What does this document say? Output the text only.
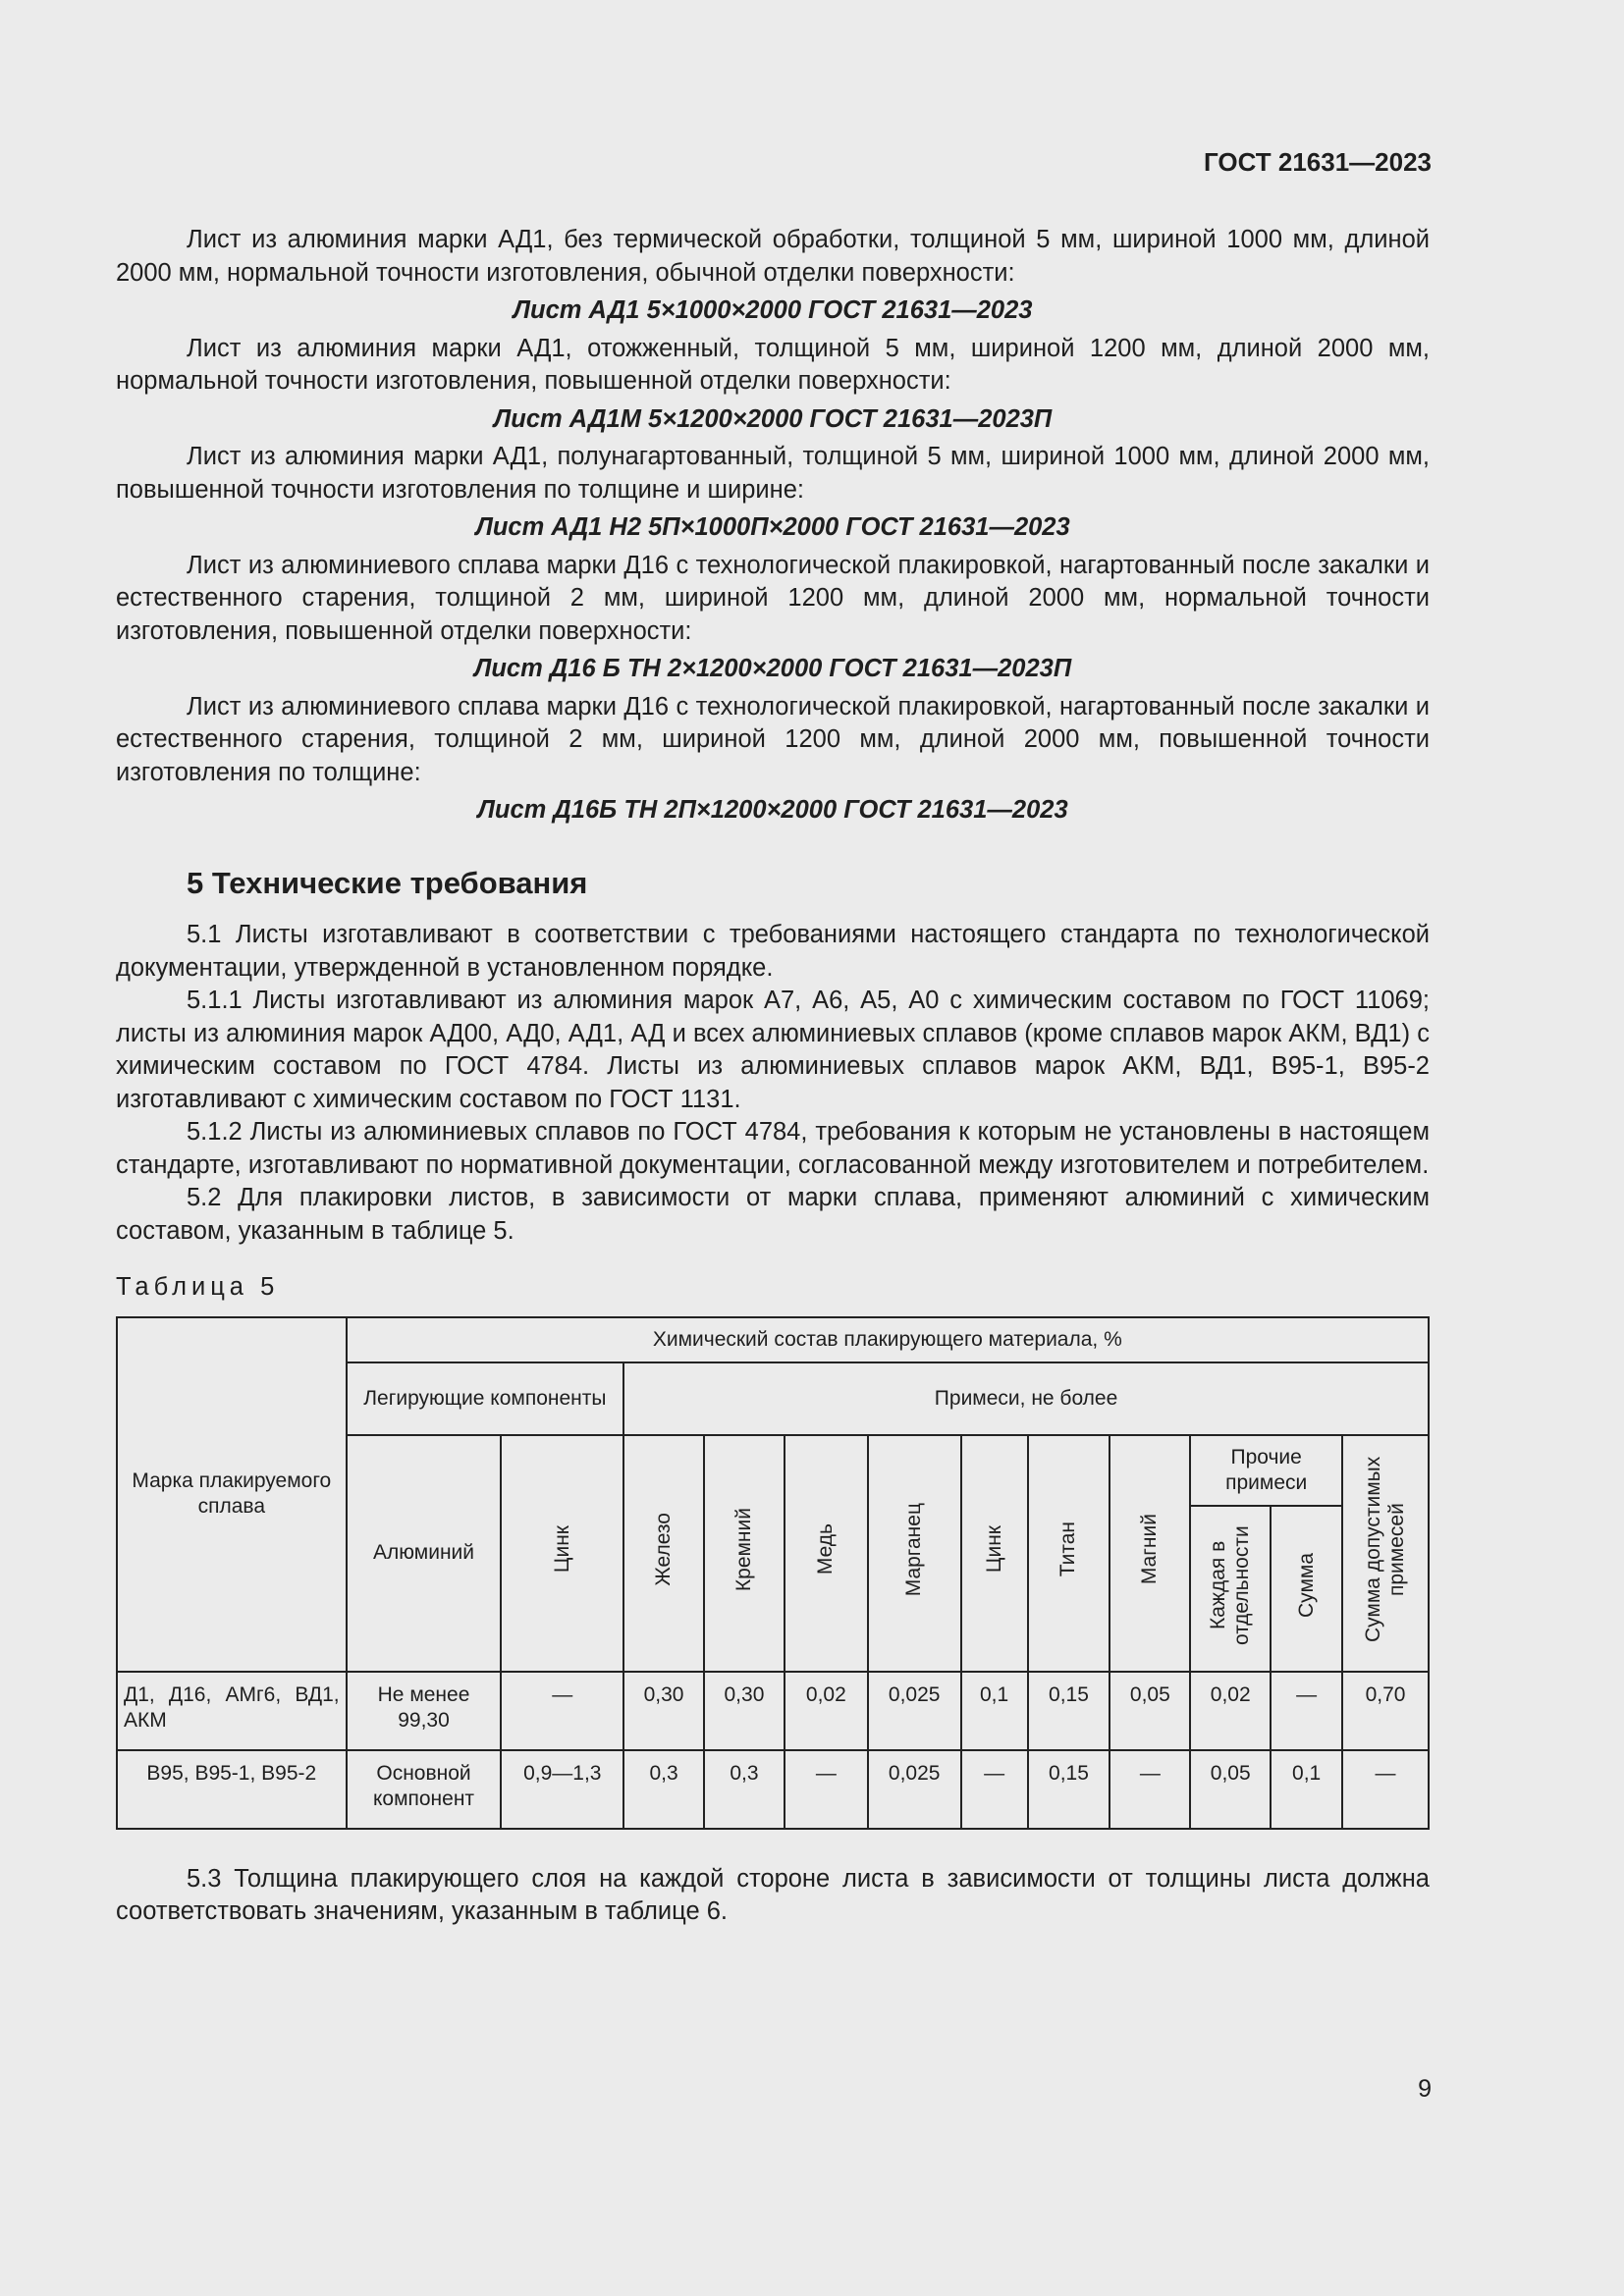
ГОСТ 21631—2023

Лист из алюминия марки АД1, без термической обработки, толщиной 5 мм, шириной 1000 мм, длиной 2000 мм, нормальной точности изготовления, обычной отделки поверхности:

Лист АД1 5×1000×2000 ГОСТ 21631—2023

Лист из алюминия марки АД1, отожженный, толщиной 5 мм, шириной 1200 мм, длиной 2000 мм, нормальной точности изготовления, повышенной отделки поверхности:

Лист АД1М 5×1200×2000 ГОСТ 21631—2023П

Лист из алюминия марки АД1, полунагартованный, толщиной 5 мм, шириной 1000 мм, длиной 2000 мм, повышенной точности изготовления по толщине и ширине:

Лист АД1 Н2 5П×1000П×2000 ГОСТ 21631—2023

Лист из алюминиевого сплава марки Д16 с технологической плакировкой, нагартованный после закалки и естественного старения, толщиной 2 мм, шириной 1200 мм, длиной 2000 мм, нормальной точности изготовления, повышенной отделки поверхности:

Лист Д16 Б ТН 2×1200×2000 ГОСТ 21631—2023П

Лист из алюминиевого сплава марки Д16 с технологической плакировкой, нагартованный после закалки и естественного старения, толщиной 2 мм, шириной 1200 мм, длиной 2000 мм, повышенной точности изготовления по толщине:

Лист Д16Б ТН 2П×1200×2000 ГОСТ 21631—2023

5 Технические требования

5.1 Листы изготавливают в соответствии с требованиями настоящего стандарта по технологической документации, утвержденной в установленном порядке.

5.1.1 Листы изготавливают из алюминия марок А7, А6, А5, А0 с химическим составом по ГОСТ 11069; листы из алюминия марок АД00, АД0, АД1, АД и всех алюминиевых сплавов (кроме сплавов марок АКМ, ВД1) с химическим составом по ГОСТ 4784. Листы из алюминиевых сплавов марок АКМ, ВД1, В95-1, В95-2 изготавливают с химическим составом по ГОСТ 1131.

5.1.2 Листы из алюминиевых сплавов по ГОСТ 4784, требования к которым не установлены в настоящем стандарте, изготавливают по нормативной документации, согласованной между изготовителем и потребителем.

5.2 Для плакировки листов, в зависимости от марки сплава, применяют алюминий с химическим составом, указанным в таблице 5.

Таблица 5
Марка плакируемого сплава	Химический состав плакирующего материала, %											
	Легирующие компоненты		Примеси, не более									
	Алюминий	Цинк	Железо	Кремний	Медь	Марганец	Цинк	Титан	Магний	Прочие примеси		Сумма допустимых примесей
										Каждая в отдельности	Сумма	
Д1, Д16, АМг6, ВД1, АКМ	Не менее 99,30	—	0,30	0,30	0,02	0,025	0,1	0,15	0,05	0,02	—	0,70
В95, В95-1, В95-2	Основной компонент	0,9—1,3	0,3	0,3	—	0,025	—	0,15	—	0,05	0,1	—

5.3 Толщина плакирующего слоя на каждой стороне листа в зависимости от толщины листа должна соответствовать значениям, указанным в таблице 6.

9
